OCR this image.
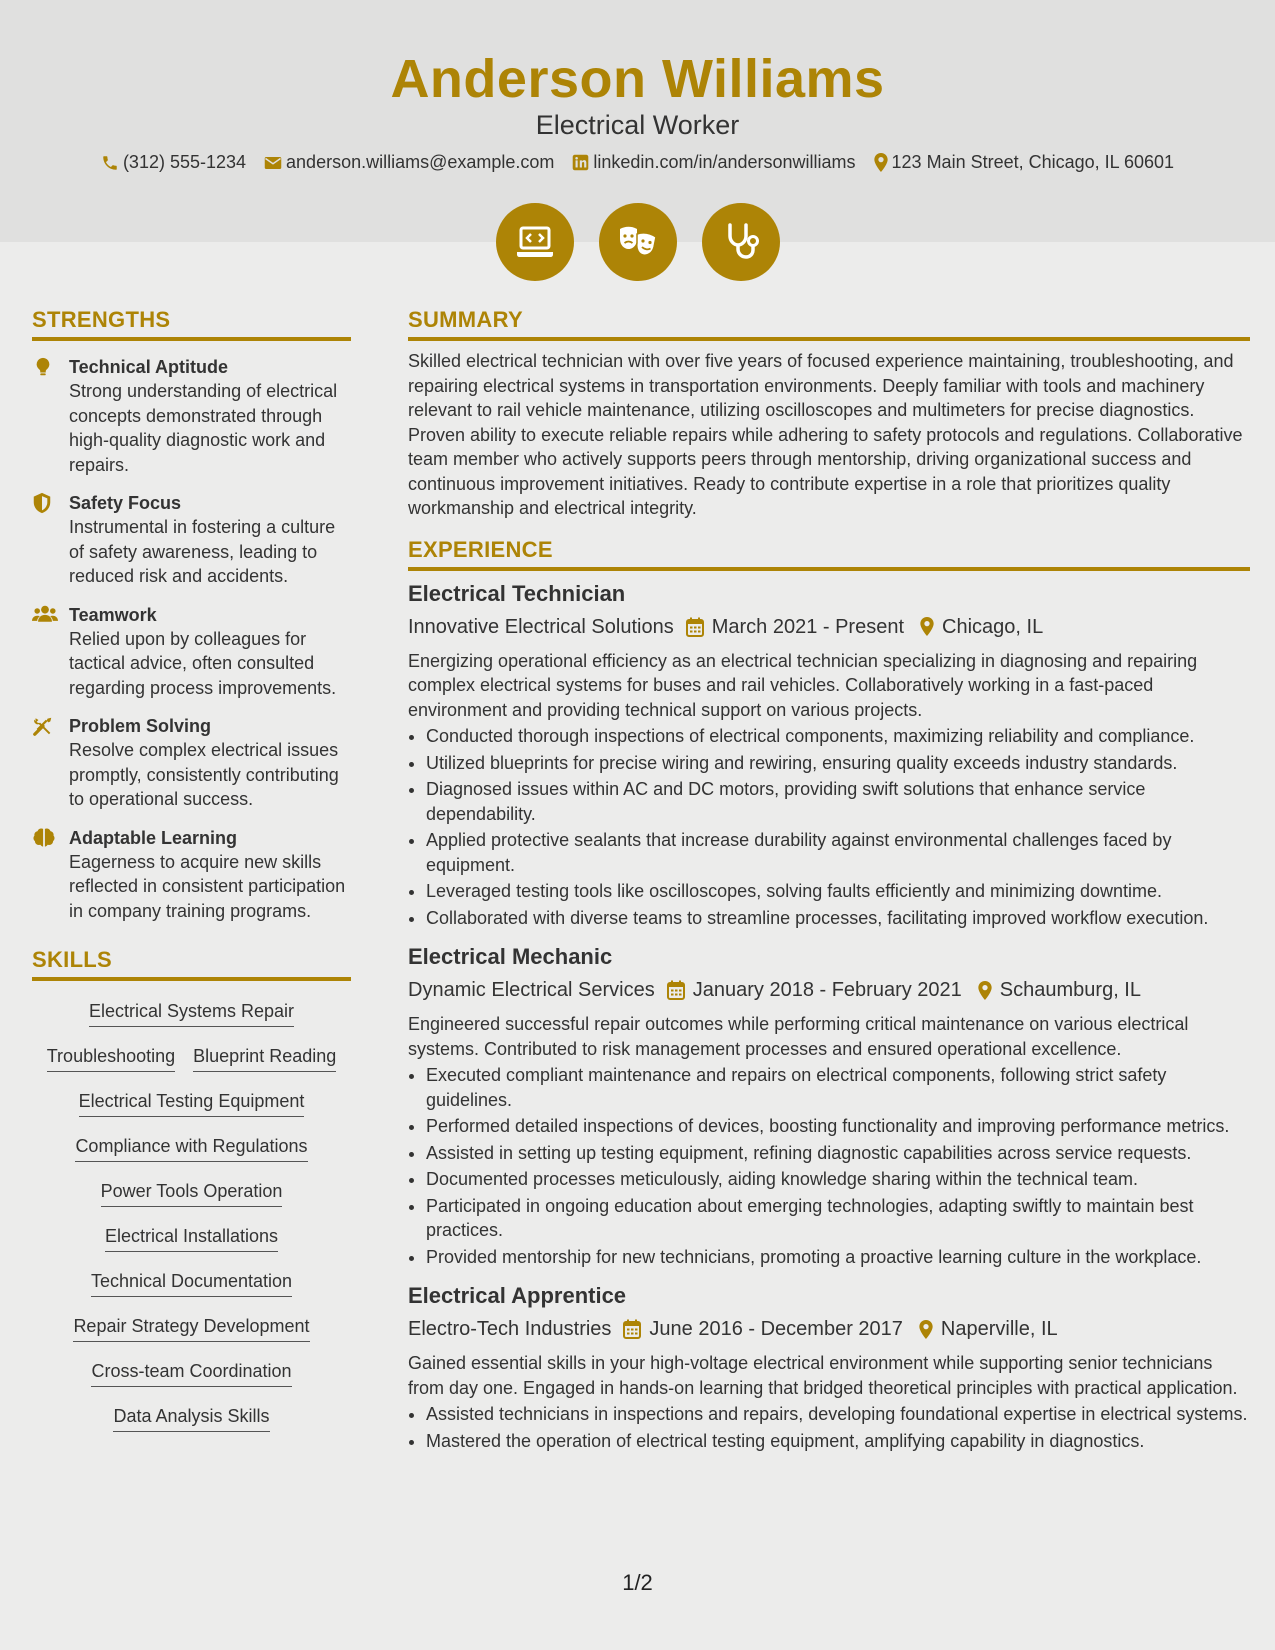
Anderson Williams
Electrical Worker
(312) 555-1234 anderson.williams@example.com linkedin.com/in/andersonwilliams 123 Main Street, Chicago, IL 60601
STRENGTHS
Technical Aptitude
Strong understanding of electrical concepts demonstrated through high-quality diagnostic work and repairs.
Safety Focus
Instrumental in fostering a culture of safety awareness, leading to reduced risk and accidents.
Teamwork
Relied upon by colleagues for tactical advice, often consulted regarding process improvements.
Problem Solving
Resolve complex electrical issues promptly, consistently contributing to operational success.
Adaptable Learning
Eagerness to acquire new skills reflected in consistent participation in company training programs.
SKILLS
Electrical Systems Repair
Troubleshooting Blueprint Reading
Electrical Testing Equipment
Compliance with Regulations
Power Tools Operation
Electrical Installations
Technical Documentation
Repair Strategy Development
Cross-team Coordination
Data Analysis Skills
SUMMARY
Skilled electrical technician with over five years of focused experience maintaining, troubleshooting, and repairing electrical systems in transportation environments. Deeply familiar with tools and machinery relevant to rail vehicle maintenance, utilizing oscilloscopes and multimeters for precise diagnostics. Proven ability to execute reliable repairs while adhering to safety protocols and regulations. Collaborative team member who actively supports peers through mentorship, driving organizational success and continuous improvement initiatives. Ready to contribute expertise in a role that prioritizes quality workmanship and electrical integrity.
EXPERIENCE
Electrical Technician
Innovative Electrical Solutions March 2021 - Present Chicago, IL
Energizing operational efficiency as an electrical technician specializing in diagnosing and repairing complex electrical systems for buses and rail vehicles. Collaboratively working in a fast-paced environment and providing technical support on various projects.
• Conducted thorough inspections of electrical components, maximizing reliability and compliance.
• Utilized blueprints for precise wiring and rewiring, ensuring quality exceeds industry standards.
• Diagnosed issues within AC and DC motors, providing swift solutions that enhance service dependability.
• Applied protective sealants that increase durability against environmental challenges faced by equipment.
• Leveraged testing tools like oscilloscopes, solving faults efficiently and minimizing downtime.
• Collaborated with diverse teams to streamline processes, facilitating improved workflow execution.
Electrical Mechanic
Dynamic Electrical Services January 2018 - February 2021 Schaumburg, IL
Engineered successful repair outcomes while performing critical maintenance on various electrical systems. Contributed to risk management processes and ensured operational excellence.
• Executed compliant maintenance and repairs on electrical components, following strict safety guidelines.
• Performed detailed inspections of devices, boosting functionality and improving performance metrics.
• Assisted in setting up testing equipment, refining diagnostic capabilities across service requests.
• Documented processes meticulously, aiding knowledge sharing within the technical team.
• Participated in ongoing education about emerging technologies, adapting swiftly to maintain best practices.
• Provided mentorship for new technicians, promoting a proactive learning culture in the workplace.
Electrical Apprentice
Electro-Tech Industries June 2016 - December 2017 Naperville, IL
Gained essential skills in your high-voltage electrical environment while supporting senior technicians from day one. Engaged in hands-on learning that bridged theoretical principles with practical application.
• Assisted technicians in inspections and repairs, developing foundational expertise in electrical systems.
• Mastered the operation of electrical testing equipment, amplifying capability in diagnostics.
1/2
